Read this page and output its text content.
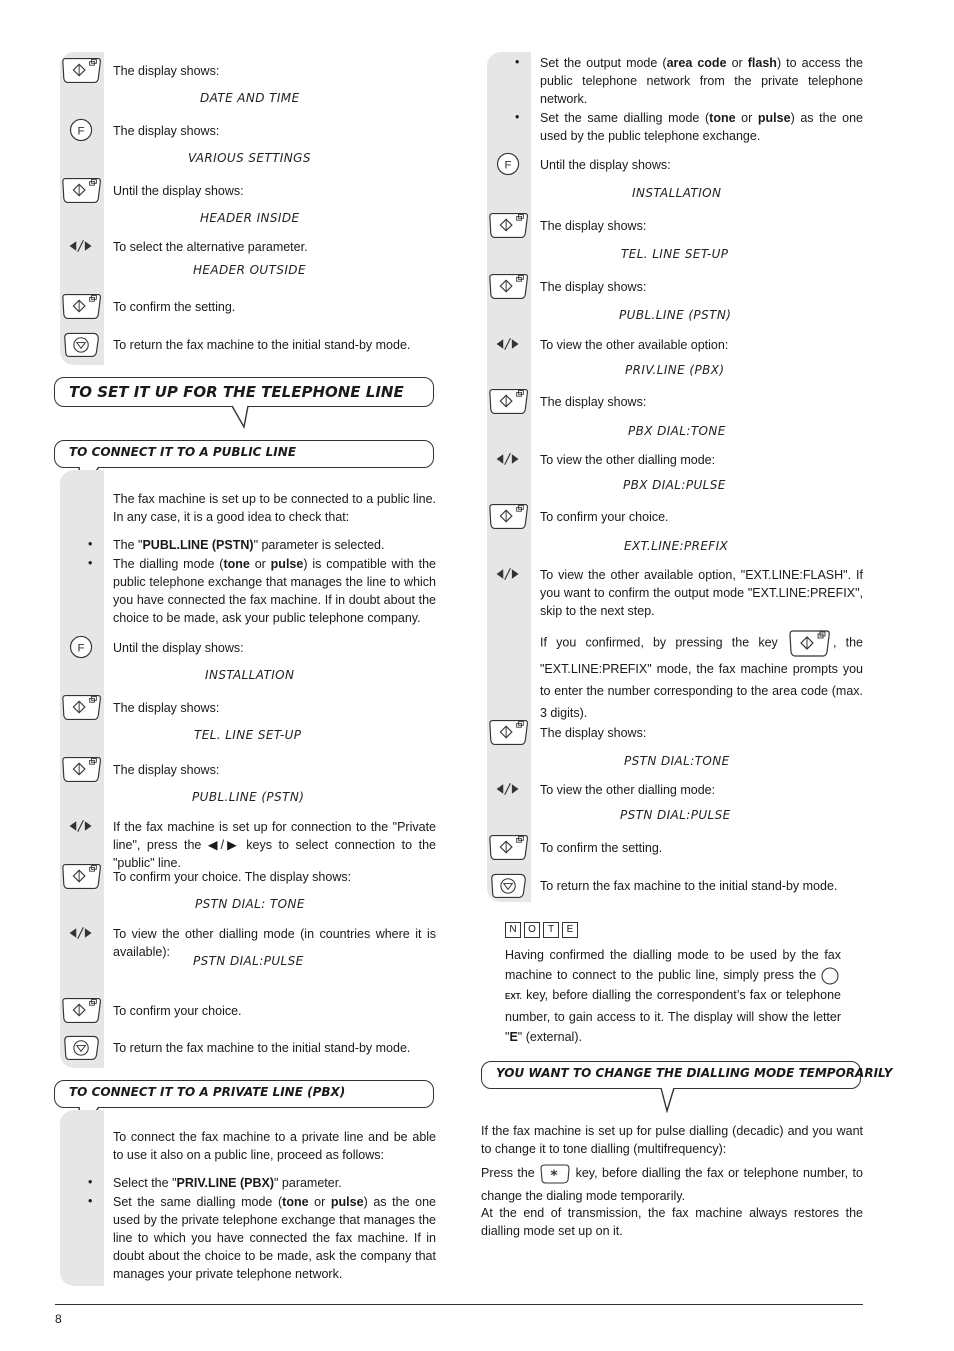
The display shows:
DATE AND TIME
The display shows:
VARIOUS SETTINGS
Until the display shows:
HEADER INSIDE
To select the alternative parameter.
HEADER OUTSIDE
To confirm the setting.
To return the fax machine to the initial stand-by mode.
TO SET IT UP FOR THE TELEPHONE LINE
TO CONNECT IT TO A PUBLIC LINE
The fax machine is set up to be connected to a public line. In any case, it is a good idea to check that:
•	The "PUBL.LINE (PSTN)" parameter is selected.
•	The dialling mode (tone or pulse) is compatible with the public telephone exchange that manages the line to which you have connected the fax machine. If in doubt about the choice to be made, ask your public telephone company.
Until the display shows:
INSTALLATION
The display shows:
TEL. LINE SET-UP
The display shows:
PUBL.LINE (PSTN)
If the fax machine is set up for connection to the "Private line", press the ◀/▶ keys to select connection to the "public" line.
To confirm your choice. The display shows:
PSTN DIAL: TONE
To view the other dialling mode (in countries where it is available):
PSTN DIAL:PULSE
To confirm your choice.
To return the fax machine to the initial stand-by mode.
TO CONNECT IT TO A PRIVATE LINE (PBX)
To connect the fax machine to a private line and be able to use it also on a public line, proceed as follows:
•	Select the "PRIV.LINE (PBX)" parameter.
•	Set the same dialling mode (tone or pulse) as the one used by the private telephone exchange that manages the line to which you have connected the fax machine. If in doubt about the choice to be made, ask the company that manages your private telephone network.
•	Set the output mode (area code or flash) to access the public telephone network from the private telephone network.
•	Set the same dialling mode (tone or pulse) as the one used by the public telephone exchange.
Until the display shows:
INSTALLATION
The display shows:
TEL. LINE SET-UP
The display shows:
PUBL.LINE (PSTN)
To view the other available option:
PRIV.LINE (PBX)
The display shows:
PBX DIAL:TONE
To view the other dialling mode:
PBX DIAL:PULSE
To confirm your choice.
EXT.LINE:PREFIX
To view the other available option, "EXT.LINE:FLASH". If you want to confirm the output mode "EXT.LINE:PREFIX", skip to the next step.
If you confirmed, by pressing the key	, the "EXT.LINE:PREFIX" mode, the fax machine prompts you to enter the number corresponding to the area code (max. 3 digits).
The display shows:
PSTN DIAL:TONE
To view the other dialling mode:
PSTN DIAL:PULSE
To confirm the setting.
To return the fax machine to the initial stand-by mode.
N O T E
Having confirmed the dialling mode to be used by the fax machine to connect to the public line, simply press the EXT. key, before dialling the correspondent’s fax or telephone number, to gain access to it. The display will show the letter "E" (external).
YOU WANT TO CHANGE THE DIALLING MODE TEMPORARILY
If the fax machine is set up for pulse dialling (decadic) and you want to change it to tone dialling (multifrequency):
Press the * key, before dialling the fax or telephone number, to change the dialing mode temporarily.
At the end of transmission, the fax machine always restores the dialling mode set up on it.
8
